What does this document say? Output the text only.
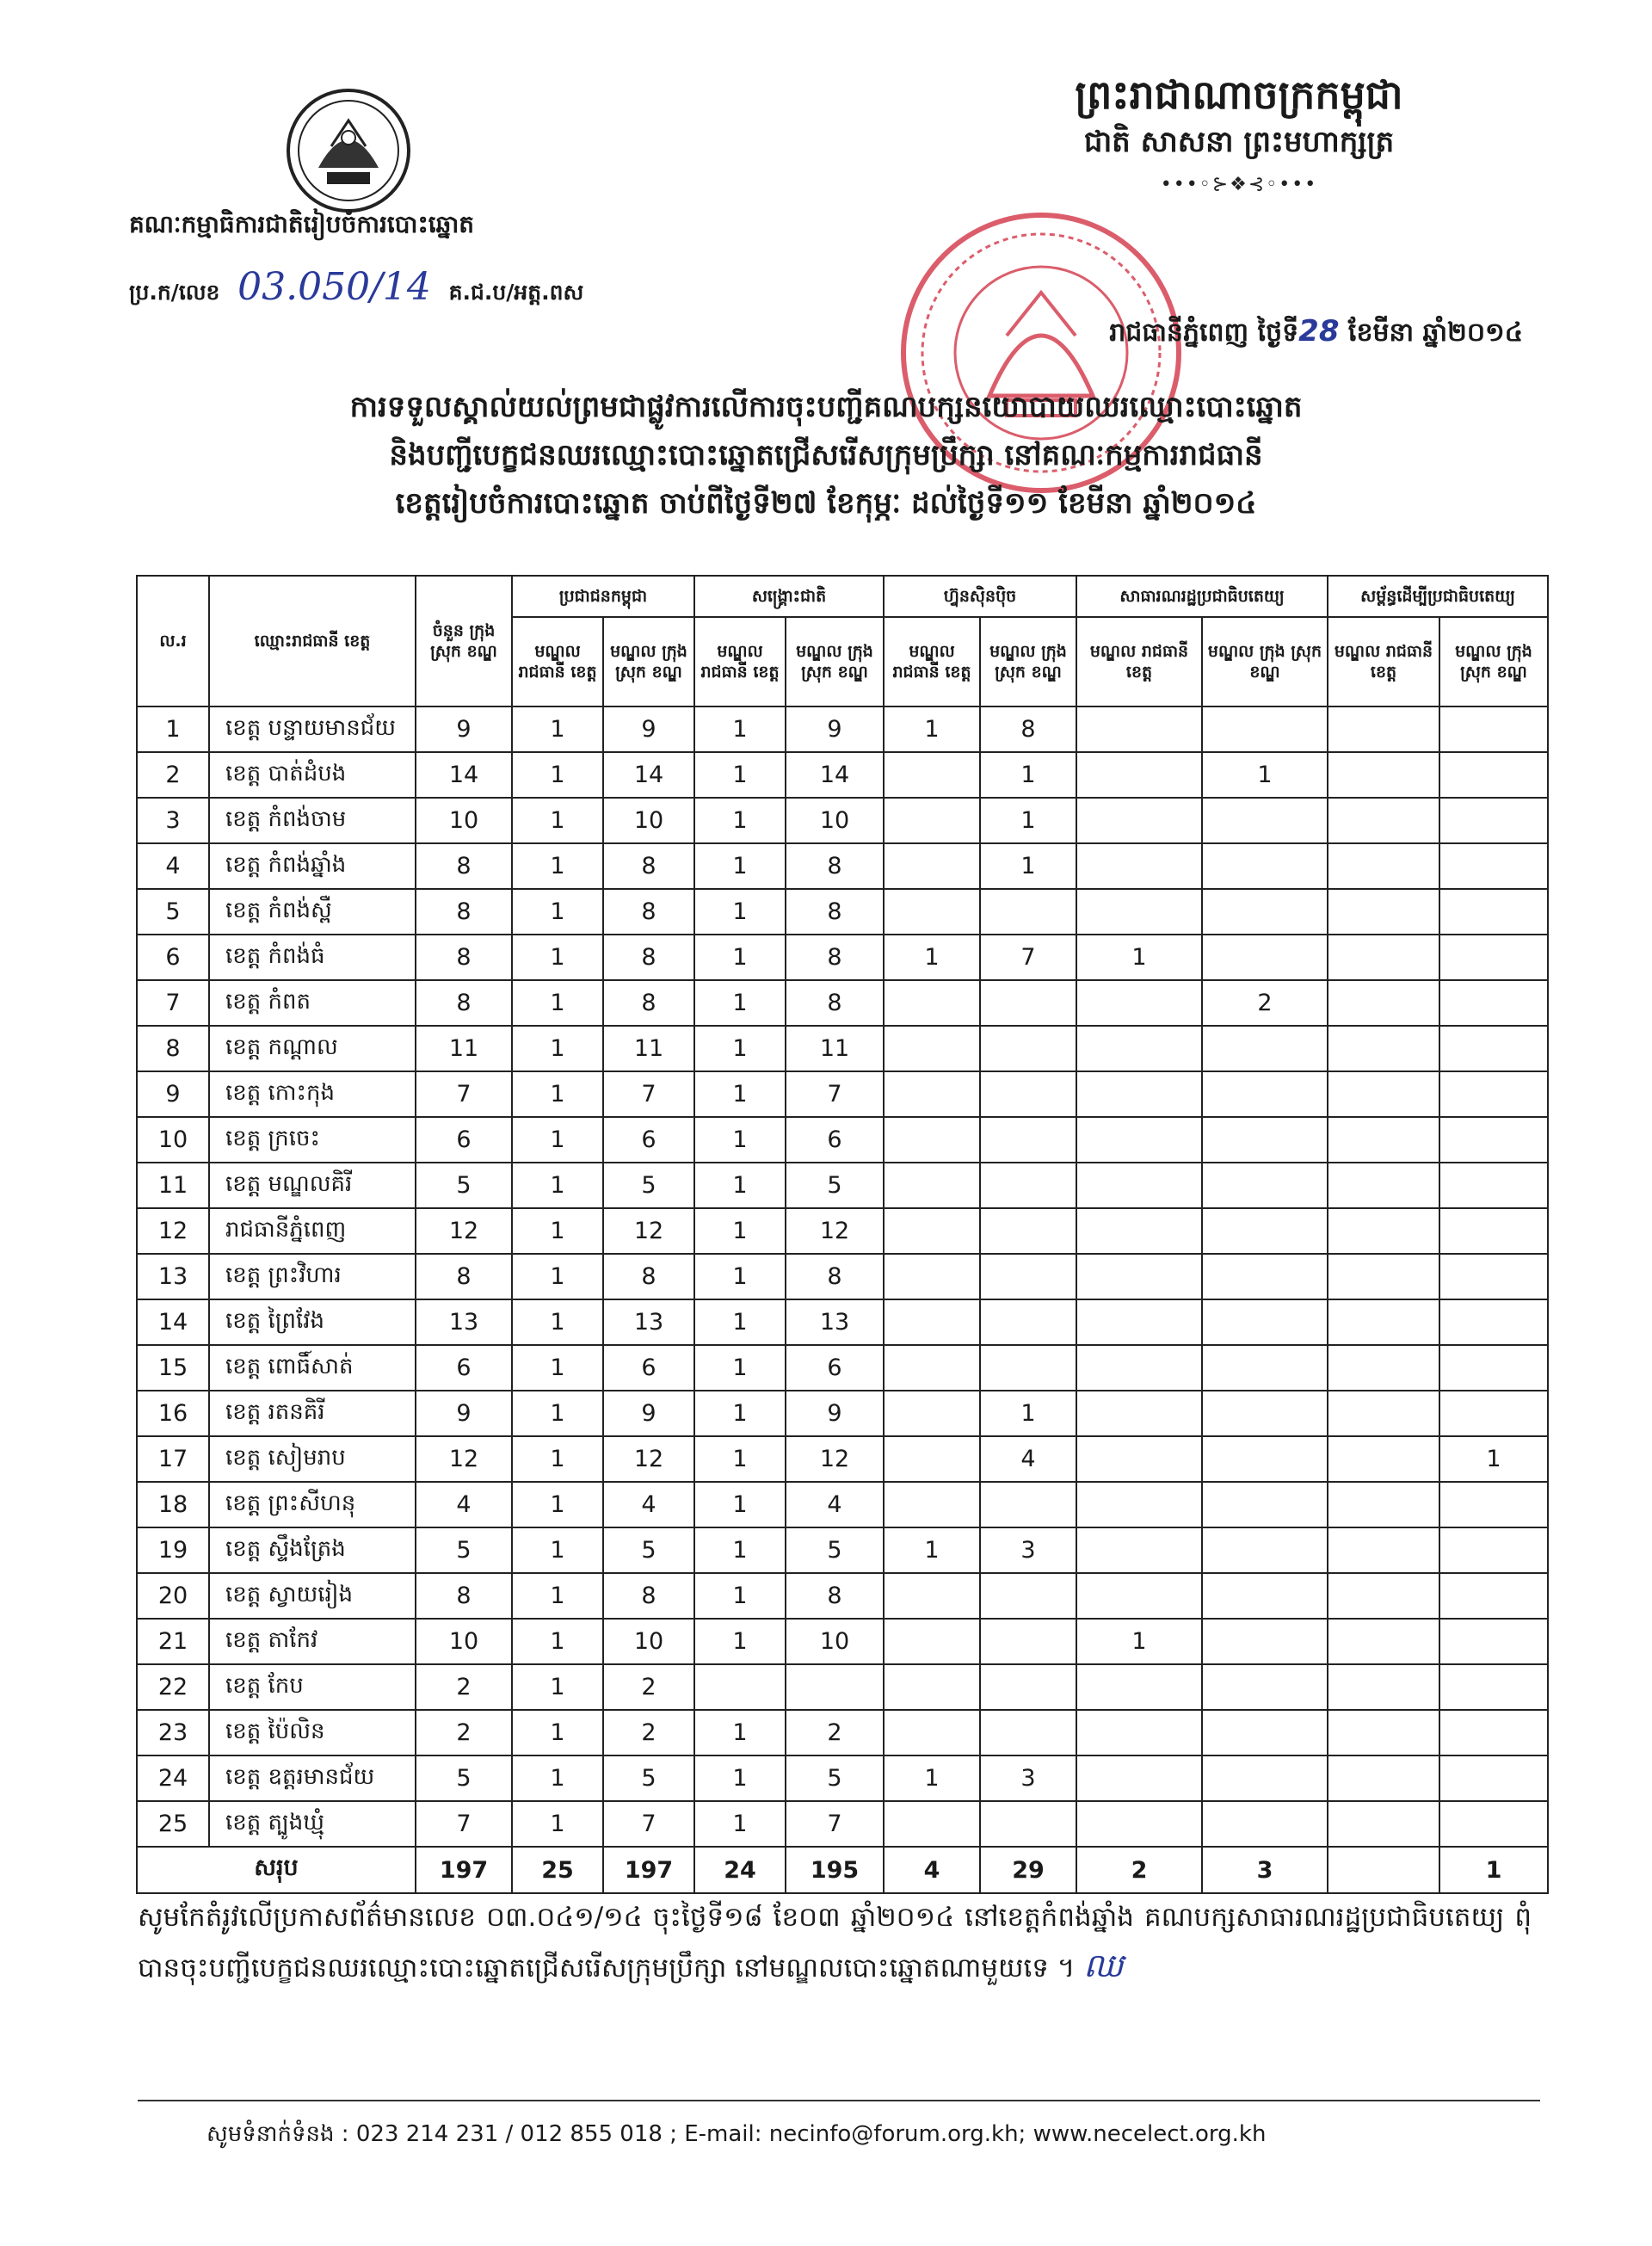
ព្រះរាជាណាចក្រកម្ពុជា
ជាតិ សាសនា ព្រះមហាក្សត្រ
•••◦⊱❖⊰◦•••
គណៈកម្មាធិការជាតិរៀបចំការបោះឆ្នោត
ប្រ.ក/លេខ 03.050/14 គ.ជ.ប/អត្ត.ពស
រាជធានីភ្នំពេញ ថ្ងៃទី28 ខែមីនា ឆ្នាំ២០១៤
ការទទួលស្គាល់យល់ព្រមជាផ្លូវការលើការចុះបញ្ជីគណបក្សនយោបាយឈរឈ្មោះបោះឆ្នោត
និងបញ្ជីបេក្ខជនឈរឈ្មោះបោះឆ្នោតជ្រើសរើសក្រុមប្រឹក្សា នៅគណៈកម្មការរាជធានី
ខេត្តរៀបចំការបោះឆ្នោត ចាប់ពីថ្ងៃទី២៧ ខែកុម្ភៈ ដល់ថ្ងៃទី១១ ខែមីនា ឆ្នាំ២០១៤
ល.រ	ឈ្មោះរាជធានី ខេត្ត	ចំនួន ក្រុង ស្រុក ខណ្ឌ	ប្រជាជនកម្ពុជា		សង្គ្រោះជាតិ		ហ្វ៊ុនស៊ិនប៉ិច		សាធារណរដ្ឋប្រជាធិបតេយ្យ		សម្ព័ន្ធដើម្បីប្រជាធិបតេយ្យ	
			មណ្ឌល រាជធានី ខេត្ត	មណ្ឌល ក្រុង ស្រុក ខណ្ឌ	មណ្ឌល រាជធានី ខេត្ត	មណ្ឌល ក្រុង ស្រុក ខណ្ឌ	មណ្ឌល រាជធានី ខេត្ត	មណ្ឌល ក្រុង ស្រុក ខណ្ឌ	មណ្ឌល រាជធានី ខេត្ត	មណ្ឌល ក្រុង ស្រុក ខណ្ឌ	មណ្ឌល រាជធានី ខេត្ត	មណ្ឌល ក្រុង ស្រុក ខណ្ឌ
1	ខេត្ត បន្ទាយមានជ័យ	9	1	9	1	9	1	8				
2	ខេត្ត បាត់ដំបង	14	1	14	1	14		1		1		
3	ខេត្ត កំពង់ចាម	10	1	10	1	10		1				
4	ខេត្ត កំពង់ឆ្នាំង	8	1	8	1	8		1				
5	ខេត្ត កំពង់ស្ពឺ	8	1	8	1	8						
6	ខេត្ត កំពង់ធំ	8	1	8	1	8	1	7	1			
7	ខេត្ត កំពត	8	1	8	1	8				2		
8	ខេត្ត កណ្តាល	11	1	11	1	11						
9	ខេត្ត កោះកុង	7	1	7	1	7						
10	ខេត្ត ក្រចេះ	6	1	6	1	6						
11	ខេត្ត មណ្ឌលគិរី	5	1	5	1	5						
12	រាជធានីភ្នំពេញ	12	1	12	1	12						
13	ខេត្ត ព្រះវិហារ	8	1	8	1	8						
14	ខេត្ត ព្រៃវែង	13	1	13	1	13						
15	ខេត្ត ពោធិ៍សាត់	6	1	6	1	6						
16	ខេត្ត រតនគិរី	9	1	9	1	9		1				
17	ខេត្ត សៀមរាប	12	1	12	1	12		4				1
18	ខេត្ត ព្រះសីហនុ	4	1	4	1	4						
19	ខេត្ត ស្ទឹងត្រែង	5	1	5	1	5	1	3				
20	ខេត្ត ស្វាយរៀង	8	1	8	1	8						
21	ខេត្ត តាកែវ	10	1	10	1	10			1			
22	ខេត្ត កែប	2	1	2								
23	ខេត្ត ប៉ៃលិន	2	1	2	1	2						
24	ខេត្ត ឧត្តរមានជ័យ	5	1	5	1	5	1	3				
25	ខេត្ត ត្បូងឃ្មុំ	7	1	7	1	7						
សរុប		197	25	197	24	195	4	29	2	3		1
សូមកែតំរូវលើប្រកាសព័ត៌មានលេខ ០៣.០៤១/១៤ ចុះថ្ងៃទី១៨ ខែ០៣ ឆ្នាំ២០១៤ នៅខេត្តកំពង់ឆ្នាំង គណបក្សសាធារណរដ្ឋប្រជាធិបតេយ្យ ពុំបានចុះបញ្ជីបេក្ខជនឈរឈ្មោះបោះឆ្នោតជ្រើសរើសក្រុមប្រឹក្សា នៅមណ្ឌលបោះឆ្នោតណាមួយទេ ។ ឈ
សូមទំនាក់ទំនង : 023 214 231 / 012 855 018 ; E-mail: necinfo@forum.org.kh; www.necelect.org.kh
